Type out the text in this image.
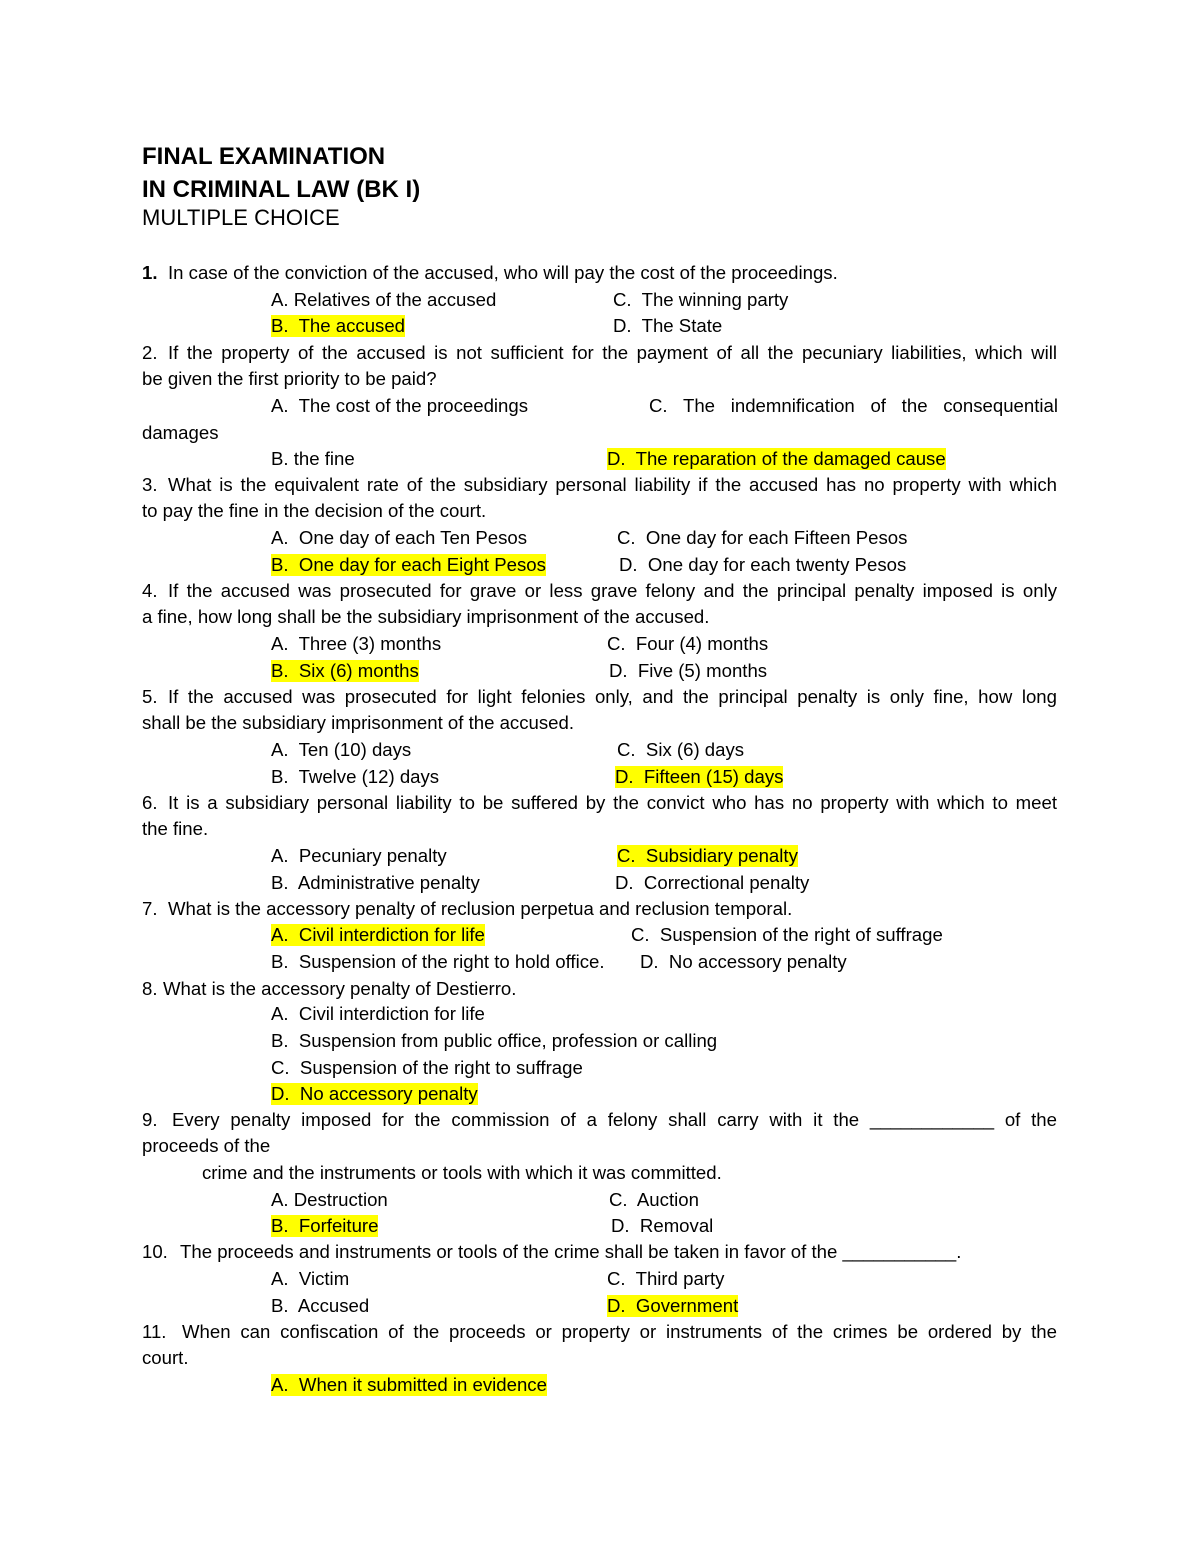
FINAL EXAMINATION
IN CRIMINAL LAW (BK I)
MULTIPLE CHOICE
1. In case of the conviction of the accused, who will pay the cost of the proceedings.
A. Relatives of the accused	C.  The winning party
B.  The accused	D.  The State
2. If the property of the accused is not sufficient for the payment of all the pecuniary liabilities, which will
be given the first priority to be paid?
A.  The cost of the proceedings	C. The indemnification of the consequential
damages
B. the fine	D.  The reparation of the damaged cause
3. What is the equivalent rate of the subsidiary personal liability if the accused has no property with which
to pay the fine in the decision of the court.
A.  One day of each Ten Pesos	C.  One day for each Fifteen Pesos
B.  One day for each Eight Pesos	D.  One day for each twenty Pesos
4. If the accused was prosecuted for grave or less grave felony and the principal penalty imposed is only
a fine, how long shall be the subsidiary imprisonment of the accused.
A.  Three (3) months	C.  Four (4) months
B.  Six (6) months	D.  Five (5) months
5. If the accused was prosecuted for light felonies only, and the principal penalty is only fine, how long
shall be the subsidiary imprisonment of the accused.
A.  Ten (10) days	C.  Six (6) days
B.  Twelve (12) days	D.  Fifteen (15) days
6. It is a subsidiary personal liability to be suffered by the convict who has no property with which to meet
the fine.
A.  Pecuniary penalty	C.  Subsidiary penalty
B.  Administrative penalty	D.  Correctional penalty
7. What is the accessory penalty of reclusion perpetua and reclusion temporal.
A.  Civil interdiction for life	C.  Suspension of the right of suffrage
B.  Suspension of the right to hold office. D.  No accessory penalty
8. What is the accessory penalty of Destierro.
A.  Civil interdiction for life
B.  Suspension from public office, profession or calling
C.  Suspension of the right to suffrage
D.  No accessory penalty
9. Every penalty imposed for the commission of a felony shall carry with it the ____________ of the
proceeds of the
crime and the instruments or tools with which it was committed.
A. Destruction	C.  Auction
B.  Forfeiture	D.  Removal
10. The proceeds and instruments or tools of the crime shall be taken in favor of the ___________.
A.  Victim	C.  Third party
B.  Accused	D.  Government
11. When can confiscation of the proceeds or property or instruments of the crimes be ordered by the
court.
A.  When it submitted in evidence
